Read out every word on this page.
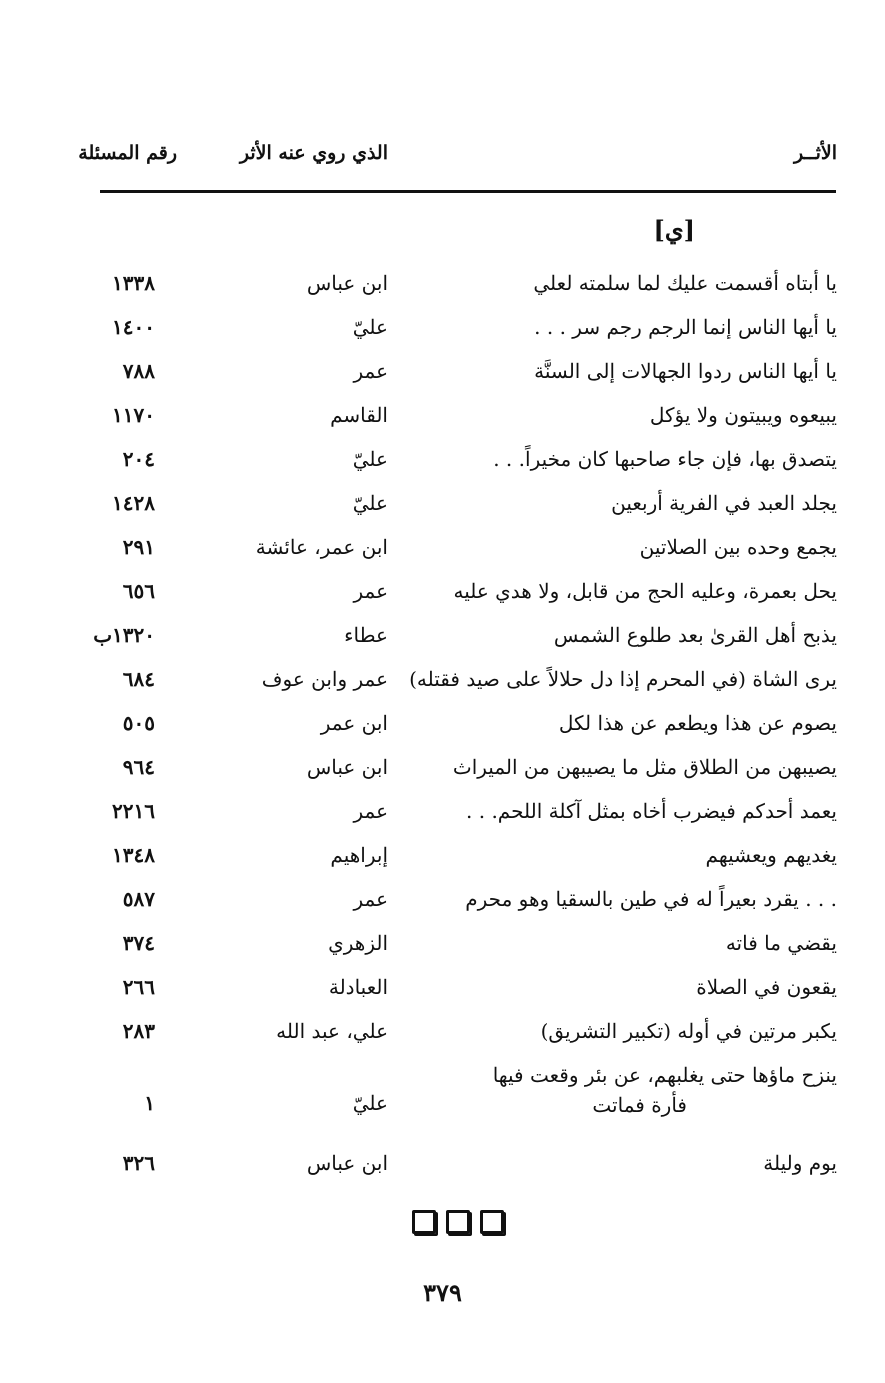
الأثــر
الذي روي عنه الأثر
رقم المسئلة
[ي]
يا أبتاه أقسمت عليك لما سلمته لعلي
ابن عباس
١٣٣٨
يا أيها الناس إنما الرجم رجم سر . . .
عليّ
١٤٠٠
يا أيها الناس ردوا الجهالات إلى السنَّة
عمر
٧٨٨
يبيعوه ويبيتون ولا يؤكل
القاسم
١١٧٠
يتصدق بها، فإن جاء صاحبها كان مخيراً. . .
عليّ
٢٠٤
يجلد العبد في الفرية أربعين
عليّ
١٤٢٨
يجمع وحده بين الصلاتين
ابن عمر، عائشة
٢٩١
يحل بعمرة، وعليه الحج من قابل، ولا هدي عليه
عمر
٦٥٦
يذبح أهل القرىٰ بعد طلوع الشمس
عطاء
١٣٢٠ب
يرى الشاة (في المحرم إذا دل حلالاً على صيد فقتله)
عمر وابن عوف
٦٨٤
يصوم عن هذا ويطعم عن هذا لكل
ابن عمر
٥٠٥
يصيبهن من الطلاق مثل ما يصيبهن من الميراث
ابن عباس
٩٦٤
يعمد أحدكم فيضرب أخاه بمثل آكلة اللحم. . .
عمر
٢٢١٦
يغديهم ويعشيهم
إبراهيم
١٣٤٨
. . . يقرد بعيراً له في طين بالسقيا وهو محرم
عمر
٥٨٧
يقضي ما فاته
الزهري
٣٧٤
يقعون في الصلاة
العبادلة
٢٦٦
يكبر مرتين في أوله (تكبير التشريق)
علي، عبد الله
٢٨٣
ينزح ماؤها حتى يغلبهم، عن بئر وقعت فيها
فأرة فماتت
عليّ
١
يوم وليلة
ابن عباس
٣٢٦
٣٧٩
